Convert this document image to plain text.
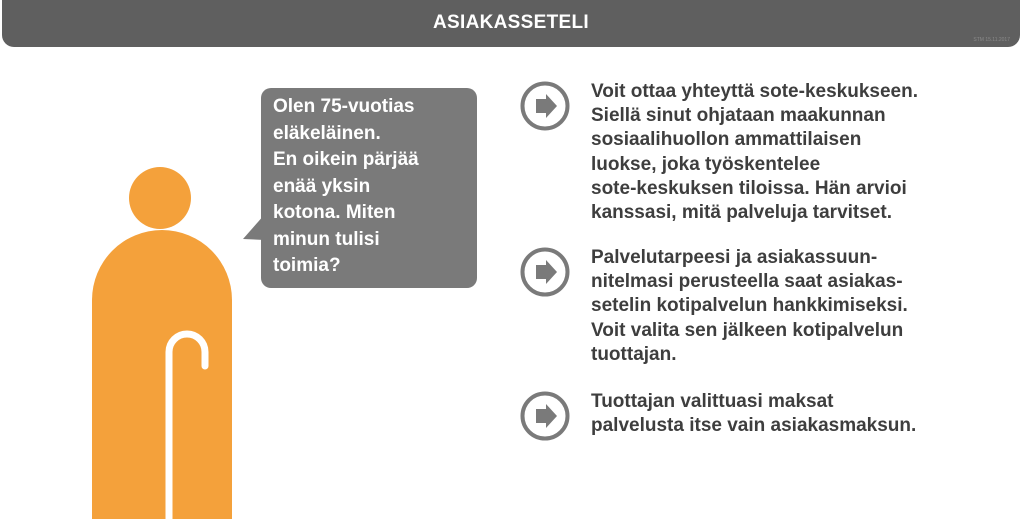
ASIAKASSETELI
STM 15.11.2017
Olen 75-vuotias
eläkeläinen.
En oikein pärjää
enää yksin
kotona. Miten
minun tulisi
toimia?
Voit ottaa yhteyttä sote-keskukseen.
Siellä sinut ohjataan maakunnan
sosiaalihuollon ammattilaisen
luokse, joka työskentelee
sote-keskuksen tiloissa. Hän arvioi
kanssasi, mitä palveluja tarvitset.
Palvelutarpeesi ja asiakassuun-
nitelmasi perusteella saat asiakas-
setelin kotipalvelun hankkimiseksi.
Voit valita sen jälkeen kotipalvelun
tuottajan.
Tuottajan valittuasi maksat
palvelusta itse vain asiakasmaksun.
